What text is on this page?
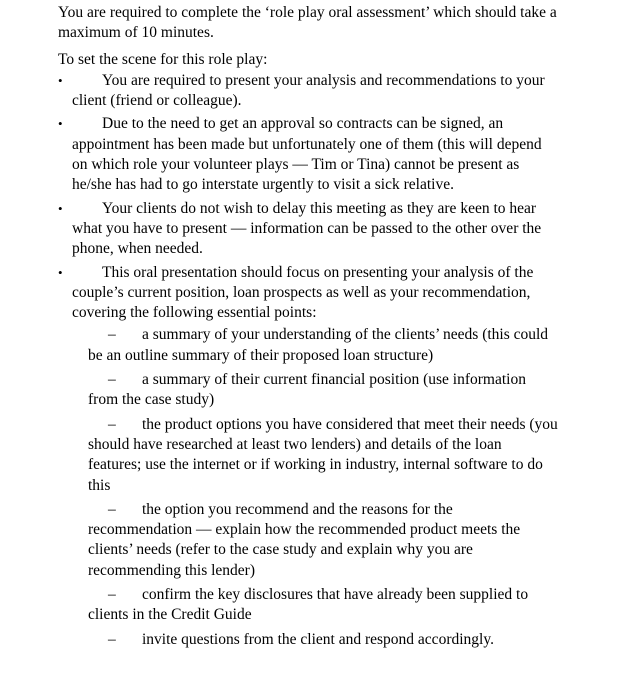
You are required to complete the ‘role play oral assessment’ which should take a maximum of 10 minutes.

To set the scene for this role play:

•	You are required to present your analysis and recommendations to your client (friend or colleague).
•	Due to the need to get an approval so contracts can be signed, an appointment has been made but unfortunately one of them (this will depend on which role your volunteer plays — Tim or Tina) cannot be present as he/she has had to go interstate urgently to visit a sick relative.
•	Your clients do not wish to delay this meeting as they are keen to hear what you have to present — information can be passed to the other over the phone, when needed.
•	This oral presentation should focus on presenting your analysis of the couple’s current position, loan prospects as well as your recommendation, covering the following essential points:
–	a summary of your understanding of the clients’ needs (this could be an outline summary of their proposed loan structure)
–	a summary of their current financial position (use information from the case study)
–	the product options you have considered that meet their needs (you should have researched at least two lenders) and details of the loan features; use the internet or if working in industry, internal software to do this
–	the option you recommend and the reasons for the recommendation — explain how the recommended product meets the clients’ needs (refer to the case study and explain why you are recommending this lender)
–	confirm the key disclosures that have already been supplied to clients in the Credit Guide
–	invite questions from the client and respond accordingly.
